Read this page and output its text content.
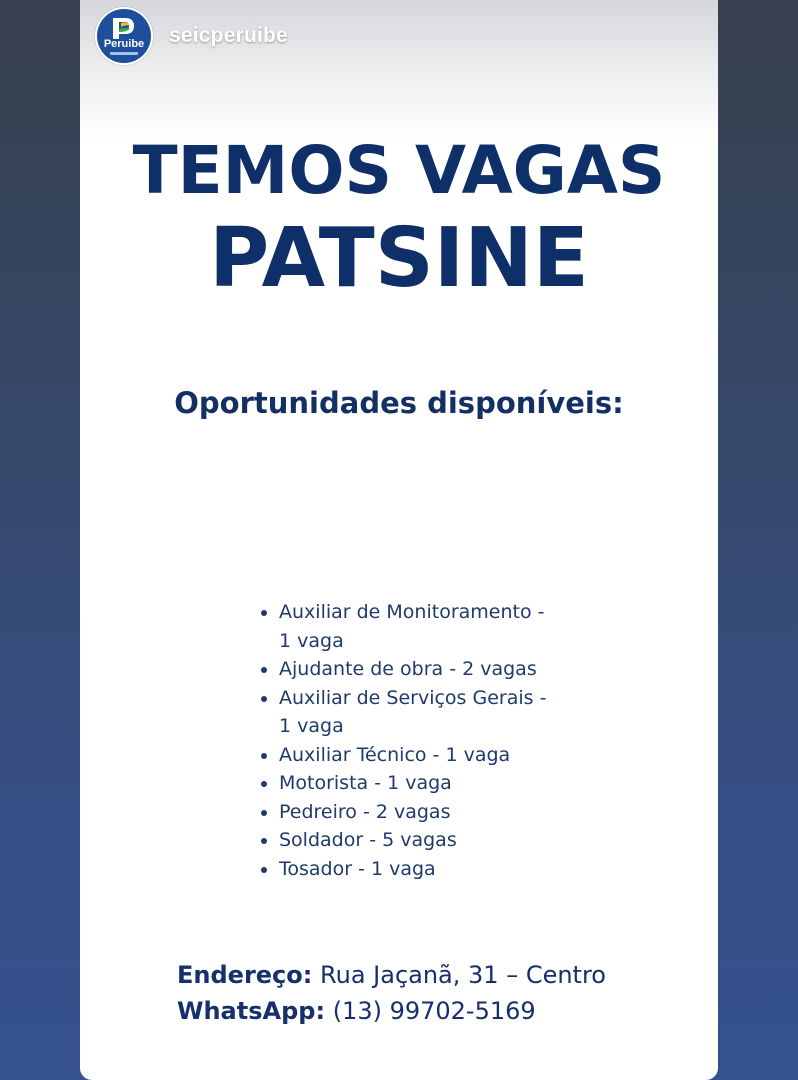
Peruibe seicperuibe
TEMOS VAGAS
PATSINE
Oportunidades disponíveis:
Auxiliar de Monitoramento - 1 vaga
Ajudante de obra - 2 vagas
Auxiliar de Serviços Gerais - 1 vaga
Auxiliar Técnico - 1 vaga
Motorista - 1 vaga
Pedreiro - 2 vagas
Soldador - 5 vagas
Tosador - 1 vaga

Endereço: Rua Jaçanã, 31 – Centro

WhatsApp: (13) 99702-5169
